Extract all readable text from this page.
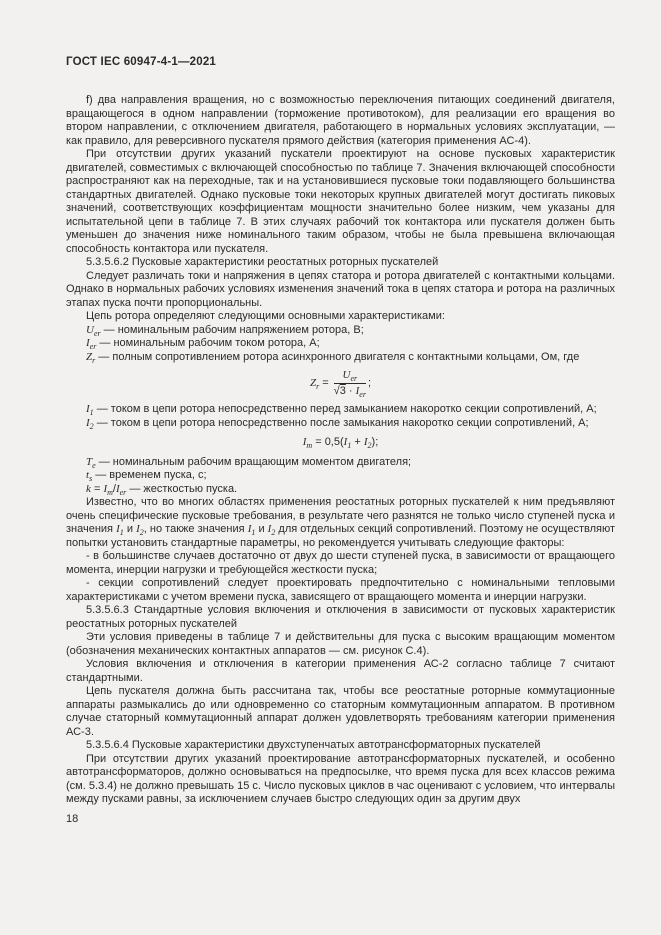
ГОСТ IEC 60947-4-1—2021

f) два направления вращения, но с возможностью переключения питающих соединений двигателя, вращающегося в одном направлении (торможение противотоком), для реализации его вращения во втором направлении, с отключением двигателя, работающего в нормальных условиях эксплуатации, — как правило, для реверсивного пускателя прямого действия (категория применения АС-4).

При отсутствии других указаний пускатели проектируют на основе пусковых характеристик двигателей, совместимых с включающей способностью по таблице 7. Значения включающей способности распространяют как на переходные, так и на установившиеся пусковые токи подавляющего большинства стандартных двигателей. Однако пусковые токи некоторых крупных двигателей могут достигать пиковых значений, соответствующих коэффициентам мощности значительно более низким, чем указаны для испытательной цепи в таблице 7. В этих случаях рабочий ток контактора или пускателя должен быть уменьшен до значения ниже номинального таким образом, чтобы не была превышена включающая способность контактора или пускателя.

5.3.5.6.2 Пусковые характеристики реостатных роторных пускателей

Следует различать токи и напряжения в цепях статора и ротора двигателей с контактными кольцами. Однако в нормальных рабочих условиях изменения значений тока в цепях статора и ротора на различных этапах пуска почти пропорциональны.

Цепь ротора определяют следующими основными характеристиками:

$U_{er}$ — номинальным рабочим напряжением ротора, В;

$I_{er}$ — номинальным рабочим током ротора, А;

$Z_r$ — полным сопротивлением ротора асинхронного двигателя с контактными кольцами, Ом, где

$Z_r = \frac{U_{er}}{√3 \cdot I_{er}}$ ;

$I_1$ — током в цепи ротора непосредственно перед замыканием накоротко секции сопротивлений, А;

$I_2$ — током в цепи ротора непосредственно после замыкания накоротко секции сопротивлений, А;

$I_m = 0,5(I_1 + I_2)$;

$T_e$ — номинальным рабочим вращающим моментом двигателя;

$t_s$ — временем пуска, с;

$k = I_m/I_{er}$ — жесткостью пуска.

Известно, что во многих областях применения реостатных роторных пускателей к ним предъявляют очень специфические пусковые требования, в результате чего разнятся не только число ступеней пуска и значения $I_1$ и $I_2$, но также значения $I_1$ и $I_2$ для отдельных секций сопротивлений. Поэтому не осуществляют попытки установить стандартные параметры, но рекомендуется учитывать следующие факторы:

- в большинстве случаев достаточно от двух до шести ступеней пуска, в зависимости от вращающего момента, инерции нагрузки и требующейся жесткости пуска;

- секции сопротивлений следует проектировать предпочтительно с номинальными тепловыми характеристиками с учетом времени пуска, зависящего от вращающего момента и инерции нагрузки.

5.3.5.6.3 Стандартные условия включения и отключения в зависимости от пусковых характеристик реостатных роторных пускателей

Эти условия приведены в таблице 7 и действительны для пуска с высоким вращающим моментом (обозначения механических контактных аппаратов — см. рисунок С.4).

Условия включения и отключения в категории применения АС-2 согласно таблице 7 считают стандартными.

Цепь пускателя должна быть рассчитана так, чтобы все реостатные роторные коммутационные аппараты размыкались до или одновременно со статорным коммутационным аппаратом. В противном случае статорный коммутационный аппарат должен удовлетворять требованиям категории применения АС-3.

5.3.5.6.4 Пусковые характеристики двухступенчатых автотрансформаторных пускателей

При отсутствии других указаний проектирование автотрансформаторных пускателей, и особенно автотрансформаторов, должно основываться на предпосылке, что время пуска для всех классов режима (см. 5.3.4) не должно превышать 15 с. Число пусковых циклов в час оценивают с условием, что интервалы между пусками равны, за исключением случаев быстро следующих один за другим двух

18
